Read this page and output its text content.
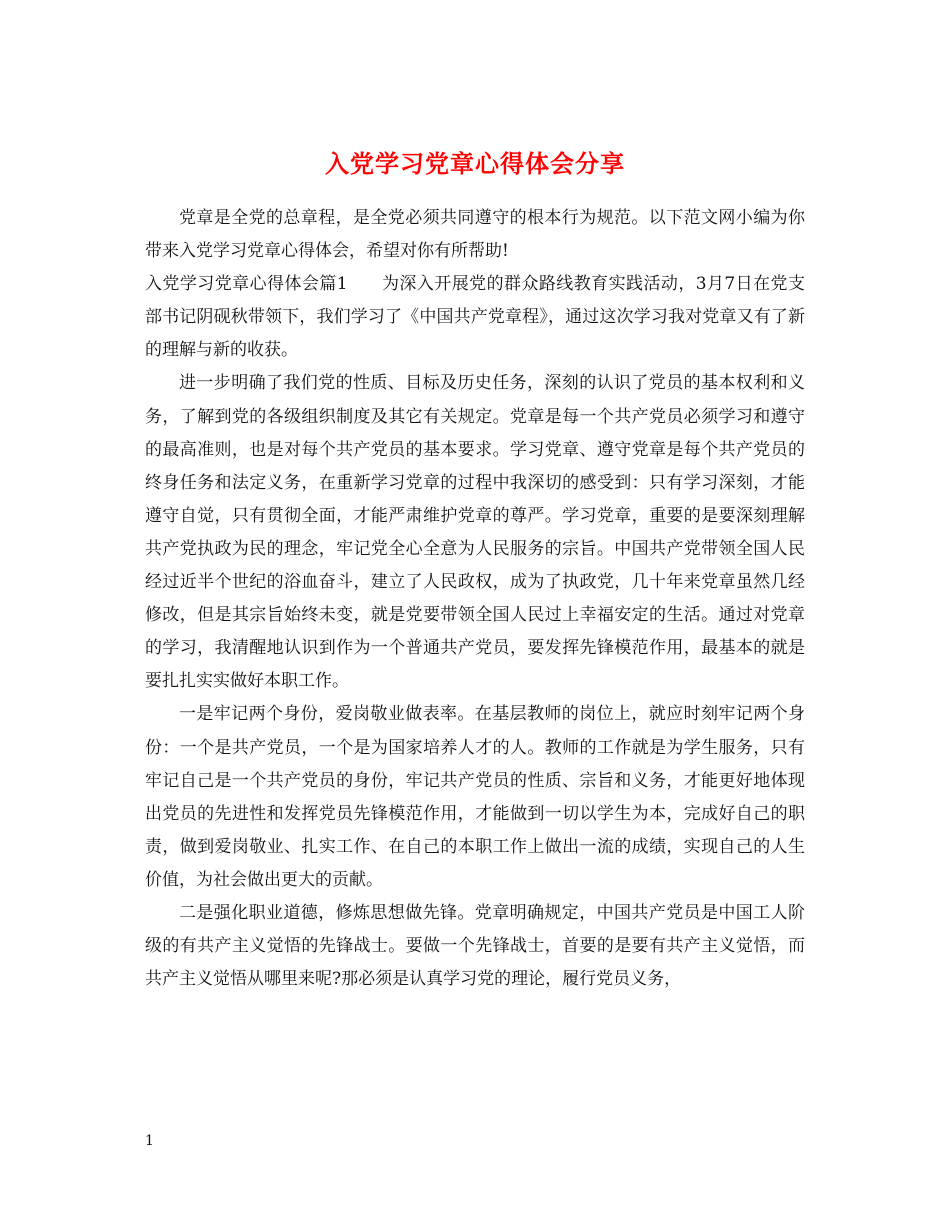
入党学习党章心得体会分享

党章是全党的总章程，是全党必须共同遵守的根本行为规范。以下范文网小编为你带来入党学习党章心得体会，希望对你有所帮助!

入党学习党章心得体会篇1 为深入开展党的群众路线教育实践活动，3月7日在党支部书记阴砚秋带领下，我们学习了《中国共产党章程》，通过这次学习我对党章又有了新的理解与新的收获。

进一步明确了我们党的性质、目标及历史任务，深刻的认识了党员的基本权利和义务，了解到党的各级组织制度及其它有关规定。党章是每一个共产党员必须学习和遵守的最高准则，也是对每个共产党员的基本要求。学习党章、遵守党章是每个共产党员的终身任务和法定义务，在重新学习党章的过程中我深切的感受到：只有学习深刻，才能遵守自觉，只有贯彻全面，才能严肃维护党章的尊严。学习党章，重要的是要深刻理解共产党执政为民的理念，牢记党全心全意为人民服务的宗旨。中国共产党带领全国人民经过近半个世纪的浴血奋斗，建立了人民政权，成为了执政党，几十年来党章虽然几经修改，但是其宗旨始终未变，就是党要带领全国人民过上幸福安定的生活。通过对党章的学习，我清醒地认识到作为一个普通共产党员，要发挥先锋模范作用，最基本的就是要扎扎实实做好本职工作。

一是牢记两个身份，爱岗敬业做表率。在基层教师的岗位上，就应时刻牢记两个身份：一个是共产党员，一个是为国家培养人才的人。教师的工作就是为学生服务，只有牢记自己是一个共产党员的身份，牢记共产党员的性质、宗旨和义务，才能更好地体现出党员的先进性和发挥党员先锋模范作用，才能做到一切以学生为本，完成好自己的职责，做到爱岗敬业、扎实工作、在自己的本职工作上做出一流的成绩，实现自己的人生价值，为社会做出更大的贡献。

二是强化职业道德，修炼思想做先锋。党章明确规定，中国共产党员是中国工人阶级的有共产主义觉悟的先锋战士。要做一个先锋战士，首要的是要有共产主义觉悟，而共产主义觉悟从哪里来呢?那必须是认真学习党的理论，履行党员义务，

1
